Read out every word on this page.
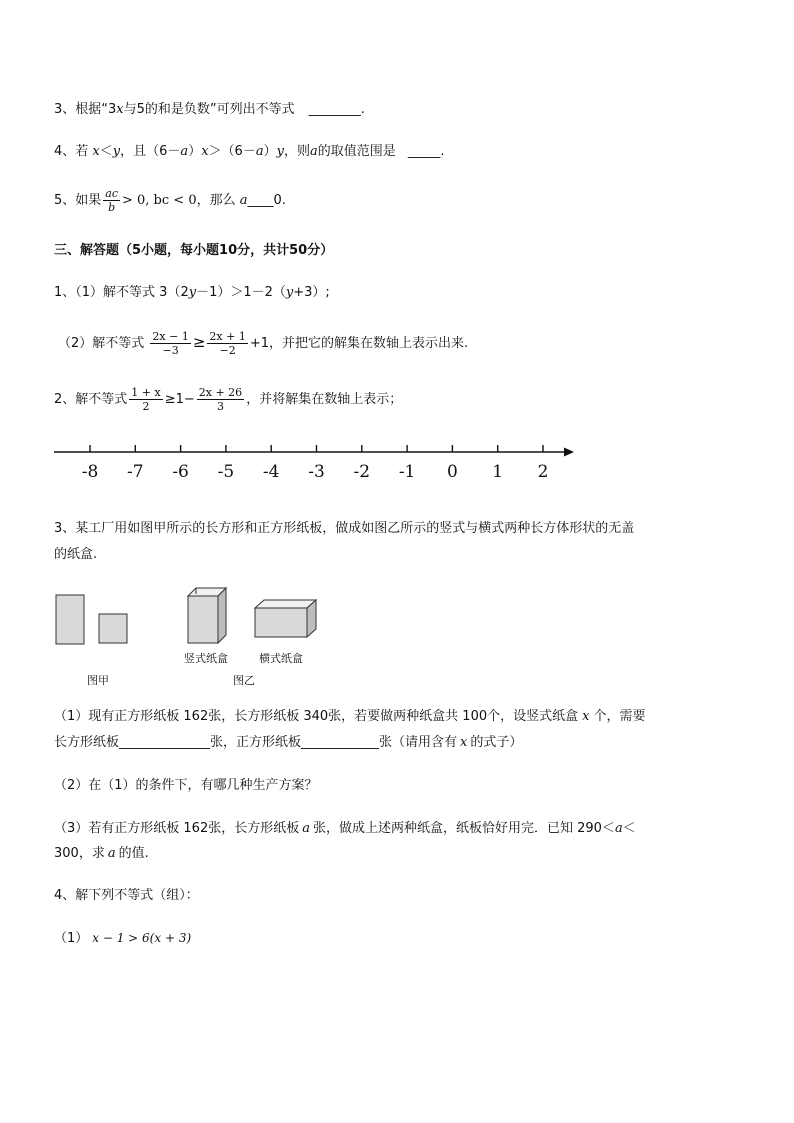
3、根据“3x与5的和是负数”可列出不等式 ________.
4、若 x＜y，且（6－a）x＞（6－a）y，则a的取值范围是 _____.
5、如果 $\frac{ac}{b} > 0$, bc < 0，那么 a____0.
三、解答题（5小题，每小题10分，共计50分）
1、（1）解不等式 3（2y－1）＞1－2（y+3）;
（2）解不等式 $\frac{2x - 1}{-3} \ge \frac{2x + 1}{-2} +1$，并把它的解集在数轴上表示出来.
2、解不等式 $\frac{1 + x}{2} \ge 1- \frac{2x + 26}{3}$ ，并将解集在数轴上表示；
-8 -7 -6 -5 -4 -3 -2 -1 0 1 2
3、某工厂用如图甲所示的长方形和正方形纸板，做成如图乙所示的竖式与横式两种长方体形状的无盖
的纸盒.
图甲
竖式纸盒	横式纸盒
图乙
（1）现有正方形纸板 162张，长方形纸板 340张，若要做两种纸盒共 100个，设竖式纸盒 x 个，需要
长方形纸板______________张，正方形纸板____________张（请用含有 x 的式子）
（2）在（1）的条件下，有哪几种生产方案？
（3）若有正方形纸板 162张，长方形纸板 a 张，做成上述两种纸盒，纸板恰好用完．已知 290＜a＜
300，求 a 的值.
4、解下列不等式（组）：
（1） x − 1 > 6(x + 3)
